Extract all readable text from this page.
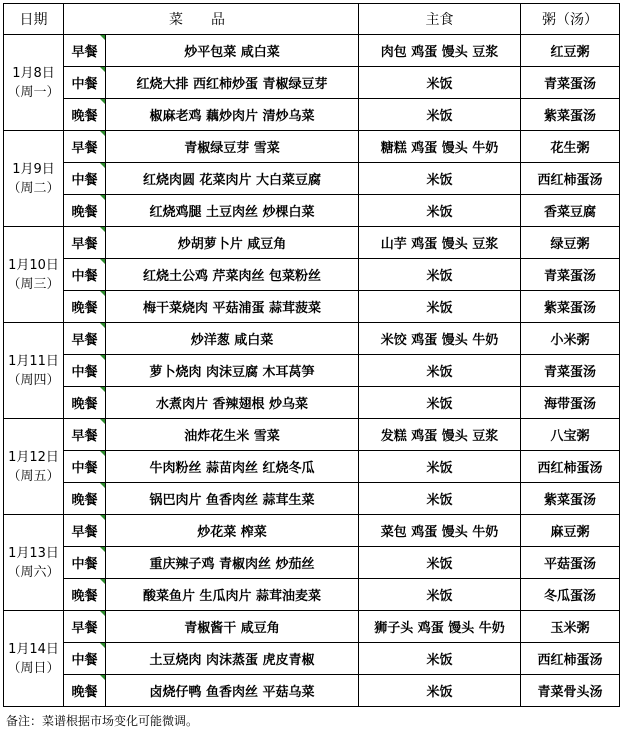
日期	菜品		主食	粥（汤）
1月8日
（周一）	早餐	炒平包菜 咸白菜	肉包 鸡蛋 馒头 豆浆	红豆粥
	中餐	红烧大排 西红柿炒蛋 青椒绿豆芽	米饭	青菜蛋汤
	晚餐	椒麻老鸡 藕炒肉片 清炒乌菜	米饭	紫菜蛋汤
1月9日
（周二）	早餐	青椒绿豆芽 雪菜	糖糕 鸡蛋 馒头 牛奶	花生粥
	中餐	红烧肉圆 花菜肉片 大白菜豆腐	米饭	西红柿蛋汤
	晚餐	红烧鸡腿 土豆肉丝 炒棵白菜	米饭	香菜豆腐
1月10日
（周三）	早餐	炒胡萝卜片 咸豆角	山芋 鸡蛋 馒头 豆浆	绿豆粥
	中餐	红烧土公鸡 芹菜肉丝 包菜粉丝	米饭	青菜蛋汤
	晚餐	梅干菜烧肉 平菇浦蛋 蒜茸菠菜	米饭	紫菜蛋汤
1月11日
（周四）	早餐	炒洋葱 咸白菜	米饺 鸡蛋 馒头 牛奶	小米粥
	中餐	萝卜烧肉 肉沫豆腐 木耳莴笋	米饭	青菜蛋汤
	晚餐	水煮肉片 香辣翅根 炒乌菜	米饭	海带蛋汤
1月12日
（周五）	早餐	油炸花生米 雪菜	发糕 鸡蛋 馒头 豆浆	八宝粥
	中餐	牛肉粉丝 蒜苗肉丝 红烧冬瓜	米饭	西红柿蛋汤
	晚餐	锅巴肉片 鱼香肉丝 蒜茸生菜	米饭	紫菜蛋汤
1月13日
（周六）	早餐	炒花菜 榨菜	菜包 鸡蛋 馒头 牛奶	麻豆粥
	中餐	重庆辣子鸡 青椒肉丝 炒茄丝	米饭	平菇蛋汤
	晚餐	酸菜鱼片 生瓜肉片 蒜茸油麦菜	米饭	冬瓜蛋汤
1月14日
（周日）	早餐	青椒酱干 咸豆角	狮子头 鸡蛋 馒头 牛奶	玉米粥
	中餐	土豆烧肉 肉沫蒸蛋 虎皮青椒	米饭	西红柿蛋汤
	晚餐	卤烧仔鸭 鱼香肉丝 平菇乌菜	米饭	青菜骨头汤
备注：菜谱根据市场变化可能微调。
